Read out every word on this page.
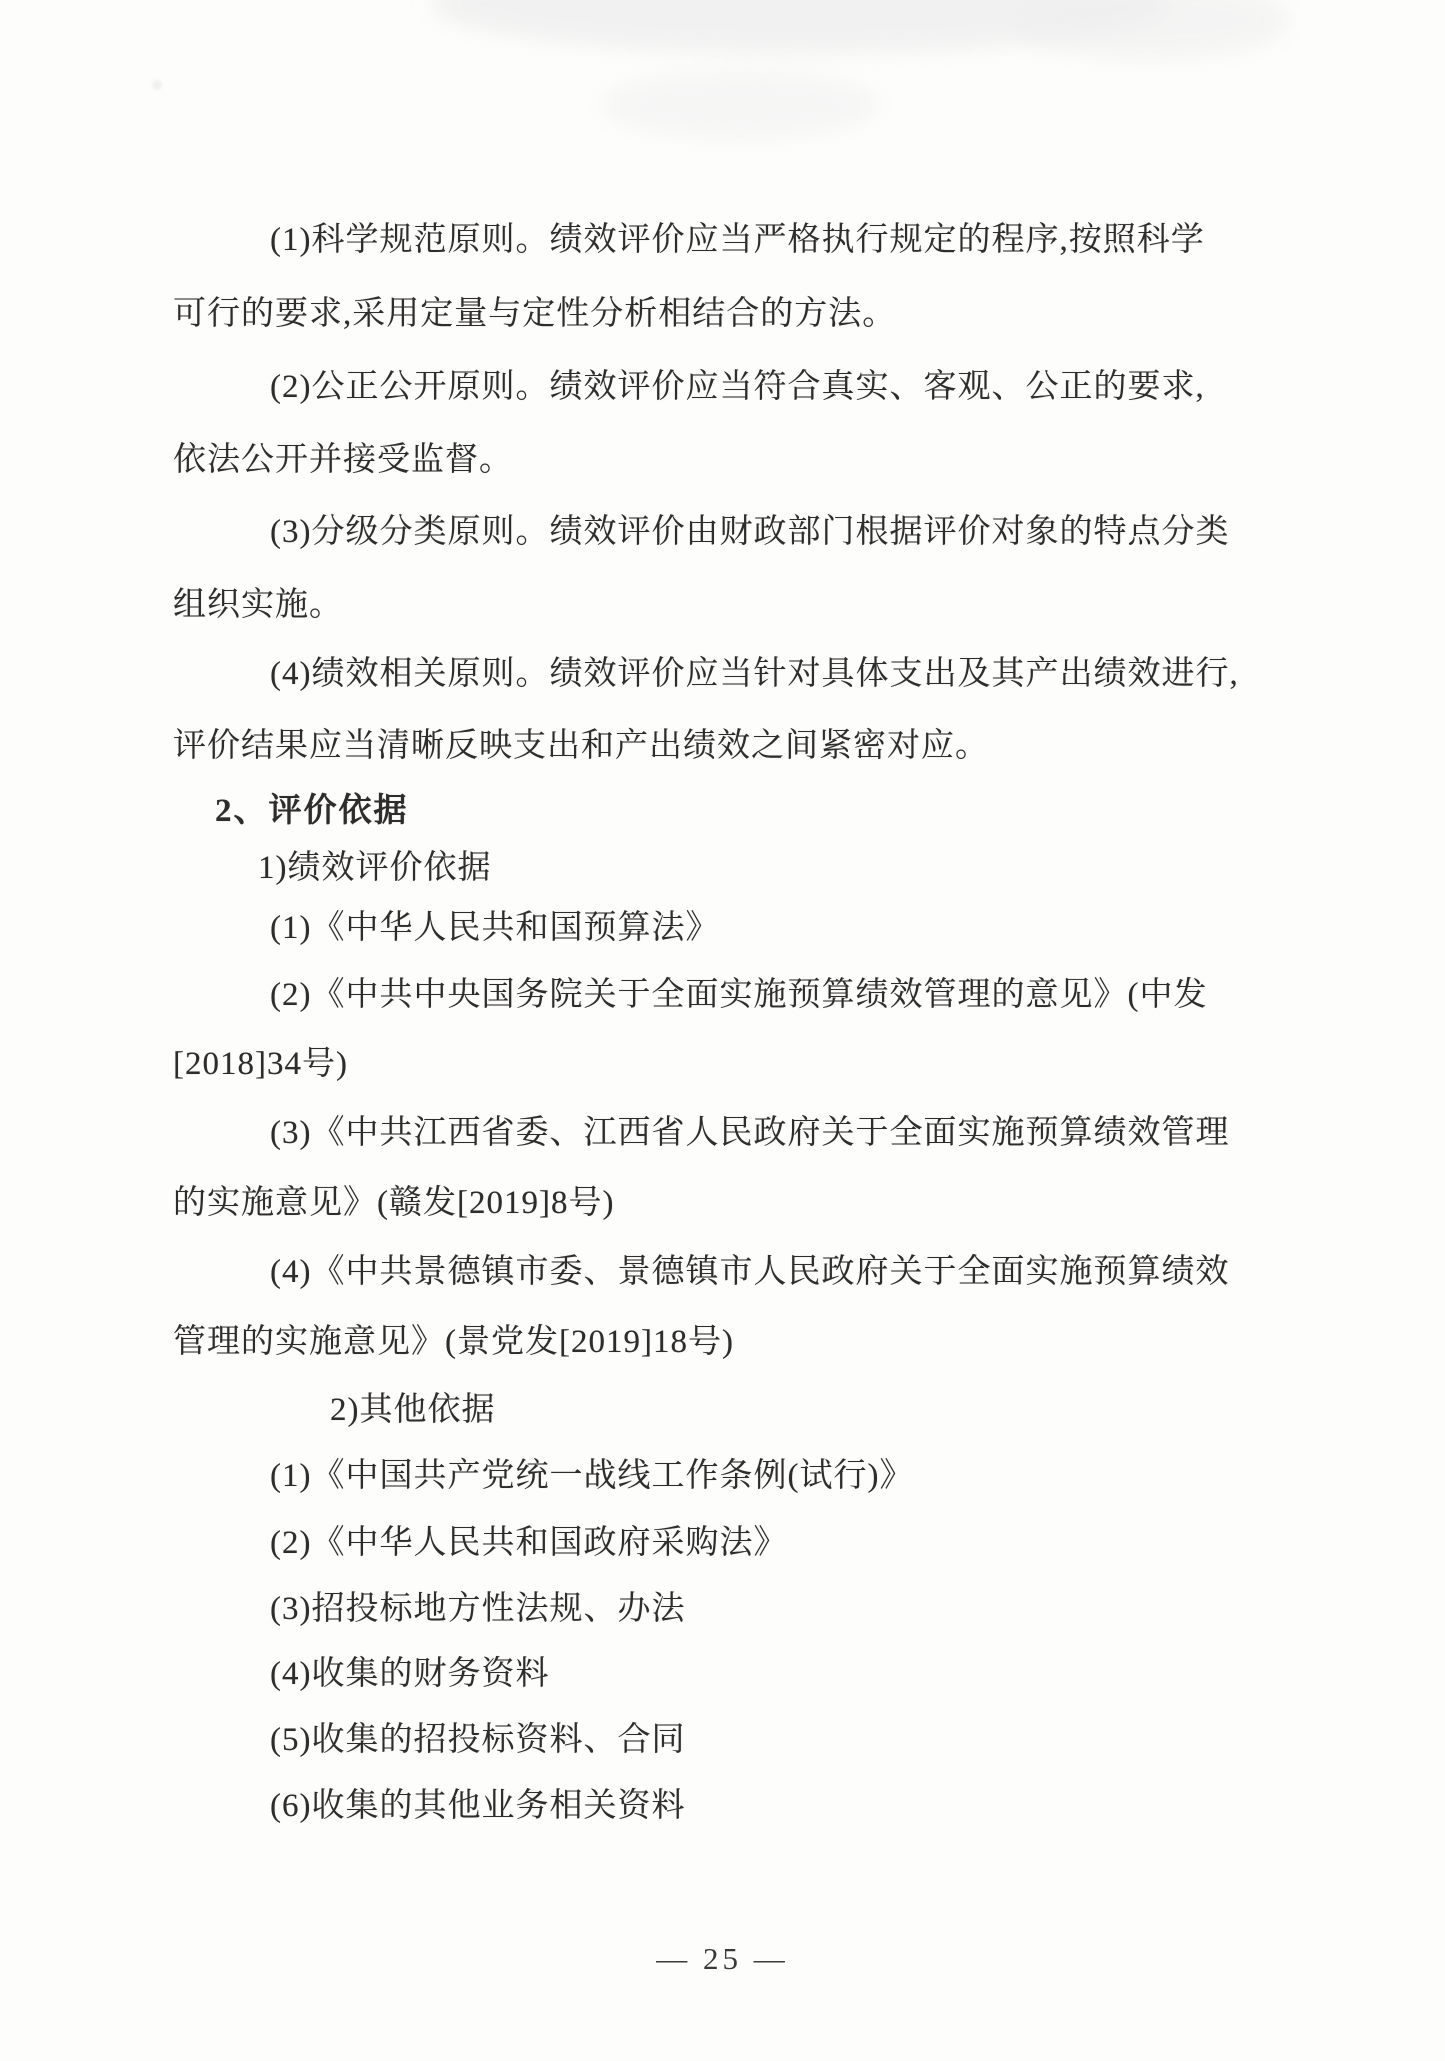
(1)科学规范原则。绩效评价应当严格执行规定的程序,按照科学
可行的要求,采用定量与定性分析相结合的方法。
(2)公正公开原则。绩效评价应当符合真实、客观、公正的要求,
依法公开并接受监督。
(3)分级分类原则。绩效评价由财政部门根据评价对象的特点分类
组织实施。
(4)绩效相关原则。绩效评价应当针对具体支出及其产出绩效进行,
评价结果应当清晰反映支出和产出绩效之间紧密对应。
2、评价依据
1)绩效评价依据
(1)《中华人民共和国预算法》
(2)《中共中央国务院关于全面实施预算绩效管理的意见》(中发
[2018]34号)
(3)《中共江西省委、江西省人民政府关于全面实施预算绩效管理
的实施意见》(赣发[2019]8号)
(4)《中共景德镇市委、景德镇市人民政府关于全面实施预算绩效
管理的实施意见》(景党发[2019]18号)
2)其他依据
(1)《中国共产党统一战线工作条例(试行)》
(2)《中华人民共和国政府采购法》
(3)招投标地方性法规、办法
(4)收集的财务资料
(5)收集的招投标资料、合同
(6)收集的其他业务相关资料
— 25 —
